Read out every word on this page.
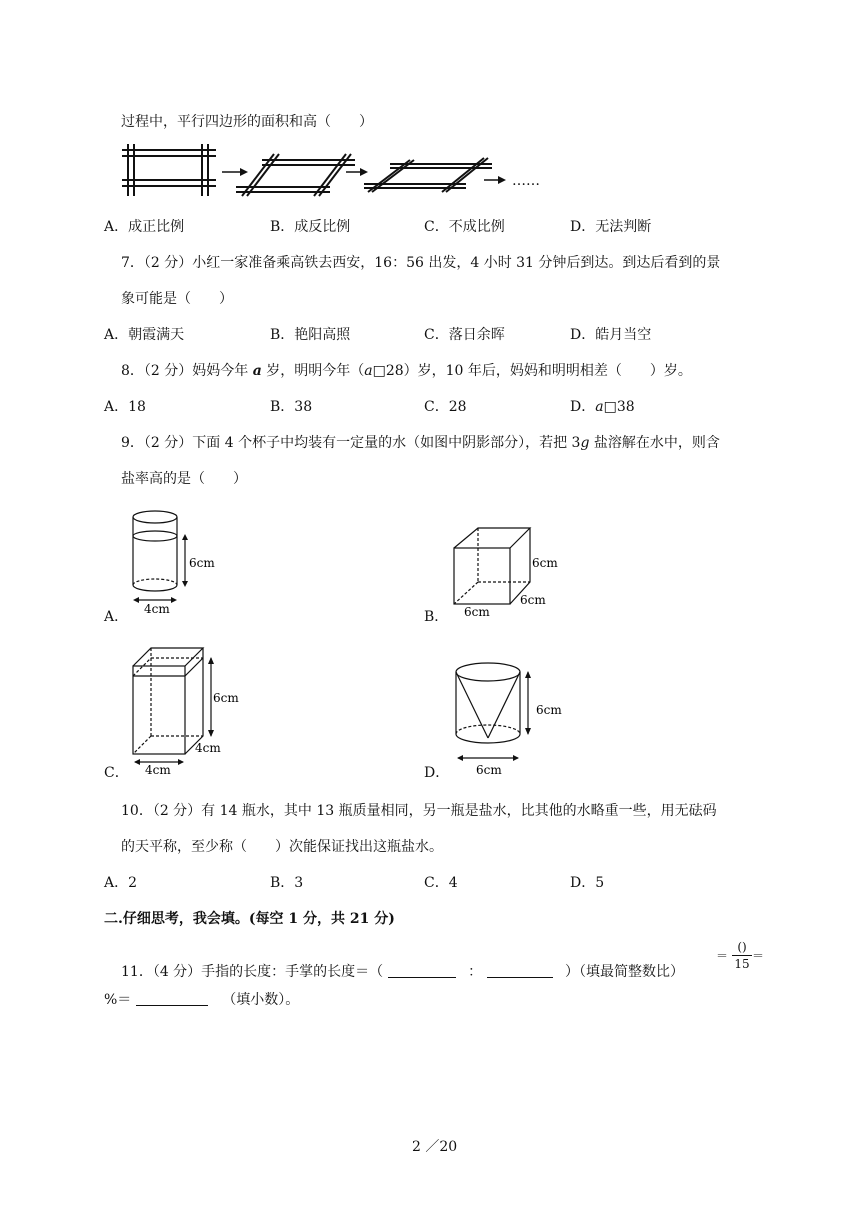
过程中，平行四边形的面积和高（　　）
……
A．成正比例	B．成反比例	C．不成比例	D．无法判断
7．（2 分）小红一家准备乘高铁去西安，16：56 出发，4 小时 31 分钟后到达。到达后看到的景
象可能是（　　）
A．朝霞满天	B．艳阳高照	C．落日余晖	D．皓月当空
8．（2 分）妈妈今年 a 岁，明明今年（a□28）岁，10 年后，妈妈和明明相差（　　）岁。
A．18	B．38	C．28	D．a□38
9．（2 分）下面 4 个杯子中均装有一定量的水（如图中阴影部分），若把 3g 盐溶解在水中，则含
盐率高的是（　　）
A． 4cm
6cm
B．
6cm
6cm
6cm
C．
6cm
4cm
4cm	D．
6cm
6cm
10．（2 分）有 14 瓶水，其中 13 瓶质量相同，另一瓶是盐水，比其他的水略重一些，用无砝码
的天平称，至少称（　　）次能保证找出这瓶盐水。
A．2	B．3	C．4	D．5
二.仔细思考，我会填。(每空 1 分，共 21 分)
11．（4 分）手指的长度：手掌的长度＝（	：	）（填最简整数比）
＝
()
15
＝
%＝	（填小数）。
2 ／20
